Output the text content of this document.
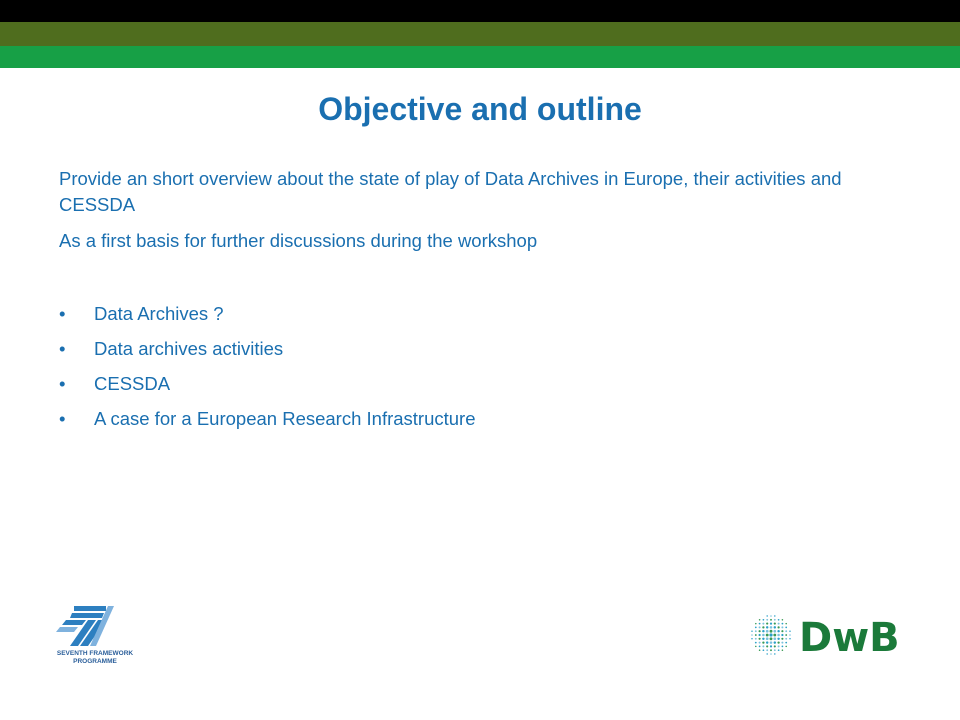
Objective and outline
Provide an short overview about the state of play of Data Archives in Europe, their activities and CESSDA
As a first basis for further discussions during the workshop
• Data Archives ?
• Data archives activities
• CESSDA
• A case for a European Research Infrastructure
SEVENTH FRAMEWORK
PROGRAMME
DwB
